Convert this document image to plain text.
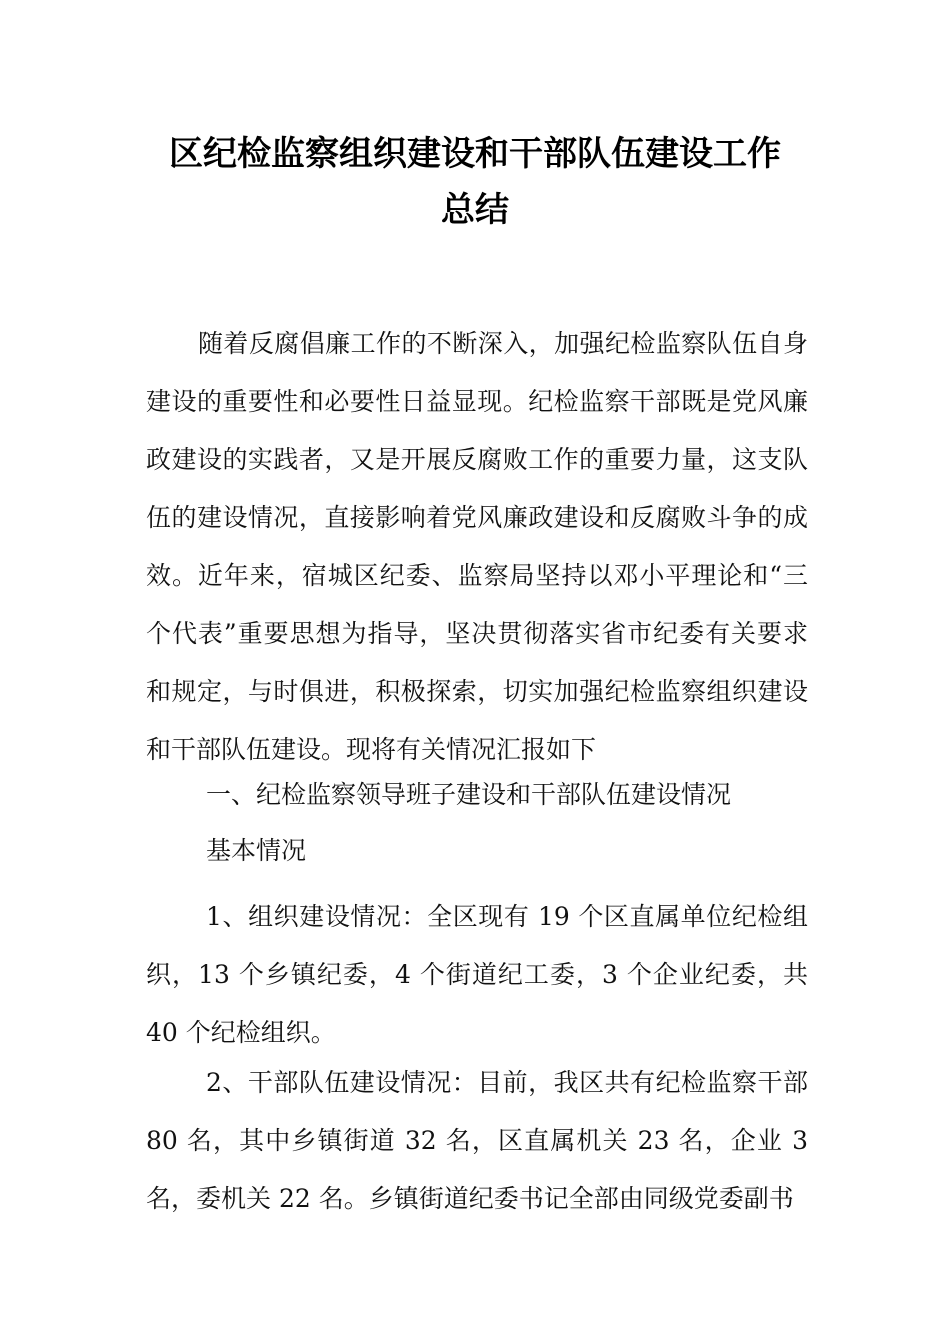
区纪检监察组织建设和干部队伍建设工作
总结
随着反腐倡廉工作的不断深入，加强纪检监察队伍自身建设的重要性和必要性日益显现。纪检监察干部既是党风廉政建设的实践者，又是开展反腐败工作的重要力量，这支队伍的建设情况，直接影响着党风廉政建设和反腐败斗争的成效。近年来，宿城区纪委、监察局坚持以邓小平理论和“三个代表”重要思想为指导，坚决贯彻落实省市纪委有关要求和规定，与时俱进，积极探索，切实加强纪检监察组织建设和干部队伍建设。现将有关情况汇报如下
一、纪检监察领导班子建设和干部队伍建设情况
基本情况
1、组织建设情况：全区现有 19 个区直属单位纪检组织，13 个乡镇纪委，4 个街道纪工委，3 个企业纪委，共 40 个纪检组织。
2、干部队伍建设情况：目前，我区共有纪检监察干部 80 名，其中乡镇街道 32 名，区直属机关 23 名，企业 3 名，委机关 22 名。乡镇街道纪委书记全部由同级党委副书
